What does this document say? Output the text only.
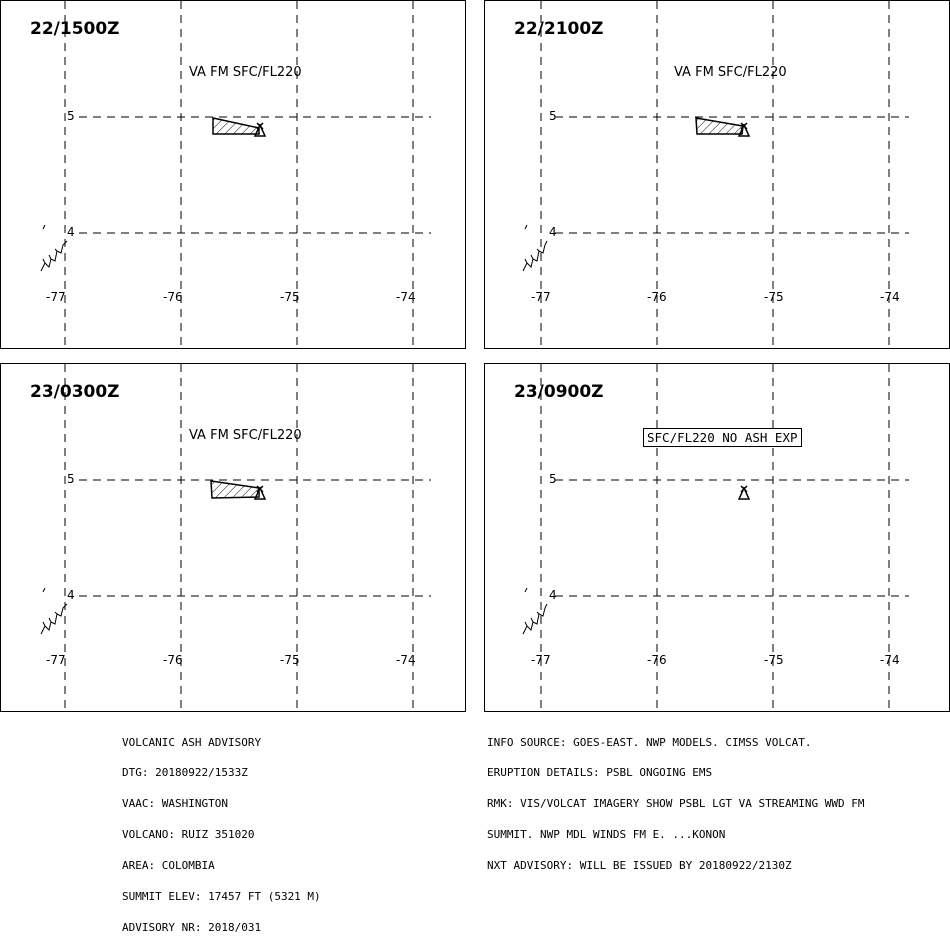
22/1500Z
VA FM SFC/FL220
5
4
-77	-76	-75	-74
22/2100Z
VA FM SFC/FL220
5
4
-77	-76	-75	-74
23/0300Z
VA FM SFC/FL220
5
4
-77	-76	-75	-74
23/0900Z
SFC/FL220 NO ASH EXP
5
4
-77	-76	-75	-74

VOLCANIC ASH ADVISORY

DTG: 20180922/1533Z

VAAC: WASHINGTON

VOLCANO: RUIZ 351020

AREA: COLOMBIA

SUMMIT ELEV: 17457 FT (5321 M)

ADVISORY NR: 2018/031

INFO SOURCE: GOES-EAST. NWP MODELS. CIMSS VOLCAT.

ERUPTION DETAILS: PSBL ONGOING EMS

RMK: VIS/VOLCAT IMAGERY SHOW PSBL LGT VA STREAMING WWD FM

SUMMIT. NWP MDL WINDS FM E. ...KONON

NXT ADVISORY: WILL BE ISSUED BY 20180922/2130Z
